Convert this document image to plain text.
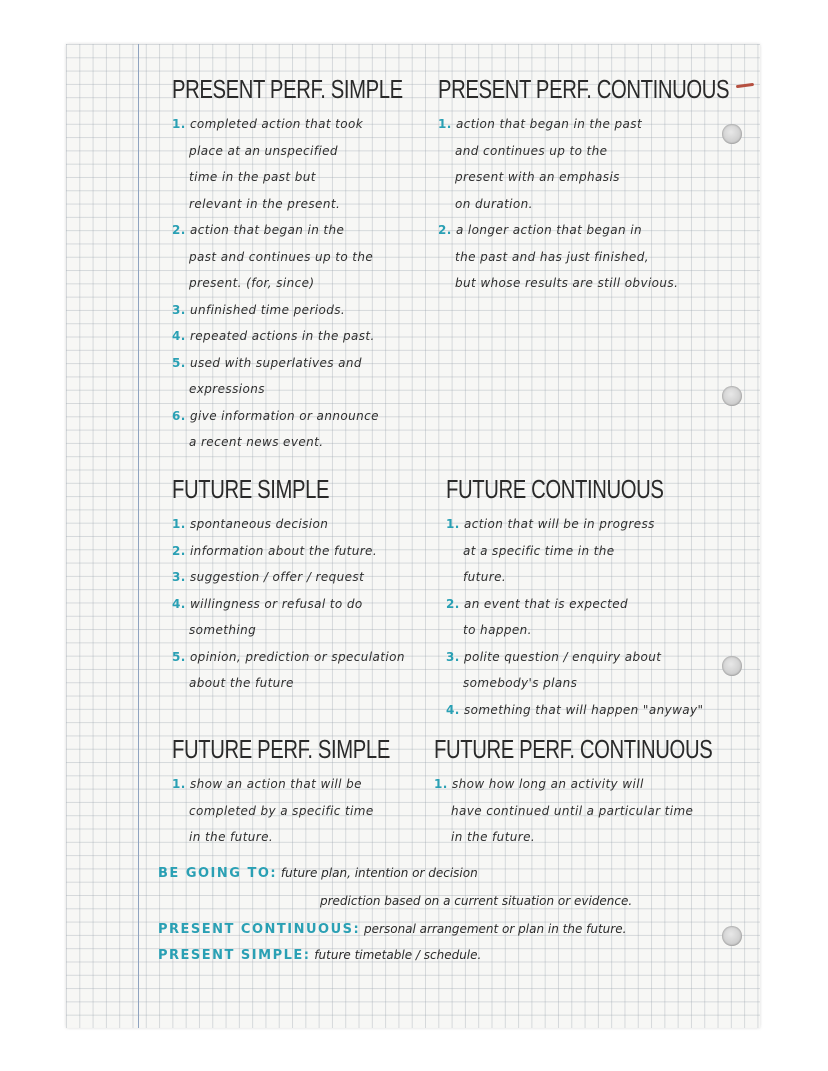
PRESENT PERF. SIMPLE
1. completed action that took
place at an unspecified
time in the past but
relevant in the present.
2. action that began in the
past and continues up to the
present. (for, since)
3. unfinished time periods.
4. repeated actions in the past.
5. used with superlatives and
expressions
6. give information or announce
a recent news event.
PRESENT PERF. CONTINUOUS
1. action that began in the past
and continues up to the
present with an emphasis
on duration.
2. a longer action that began in
the past and has just finished,
but whose results are still obvious.
FUTURE SIMPLE
1. spontaneous decision
2. information about the future.
3. suggestion / offer / request
4. willingness or refusal to do
something
5. opinion, prediction or speculation
about the future
FUTURE CONTINUOUS
1. action that will be in progress
at a specific time in the
future.
2. an event that is expected
to happen.
3. polite question / enquiry about
somebody's plans
4. something that will happen "anyway"
FUTURE PERF. SIMPLE
1. show an action that will be
completed by a specific time
in the future.
FUTURE PERF. CONTINUOUS
1. show how long an activity will
have continued until a particular time
in the future.
BE GOING TO: future plan, intention or decision
prediction based on a current situation or evidence.
PRESENT CONTINUOUS: personal arrangement or plan in the future.
PRESENT SIMPLE: future timetable / schedule.
